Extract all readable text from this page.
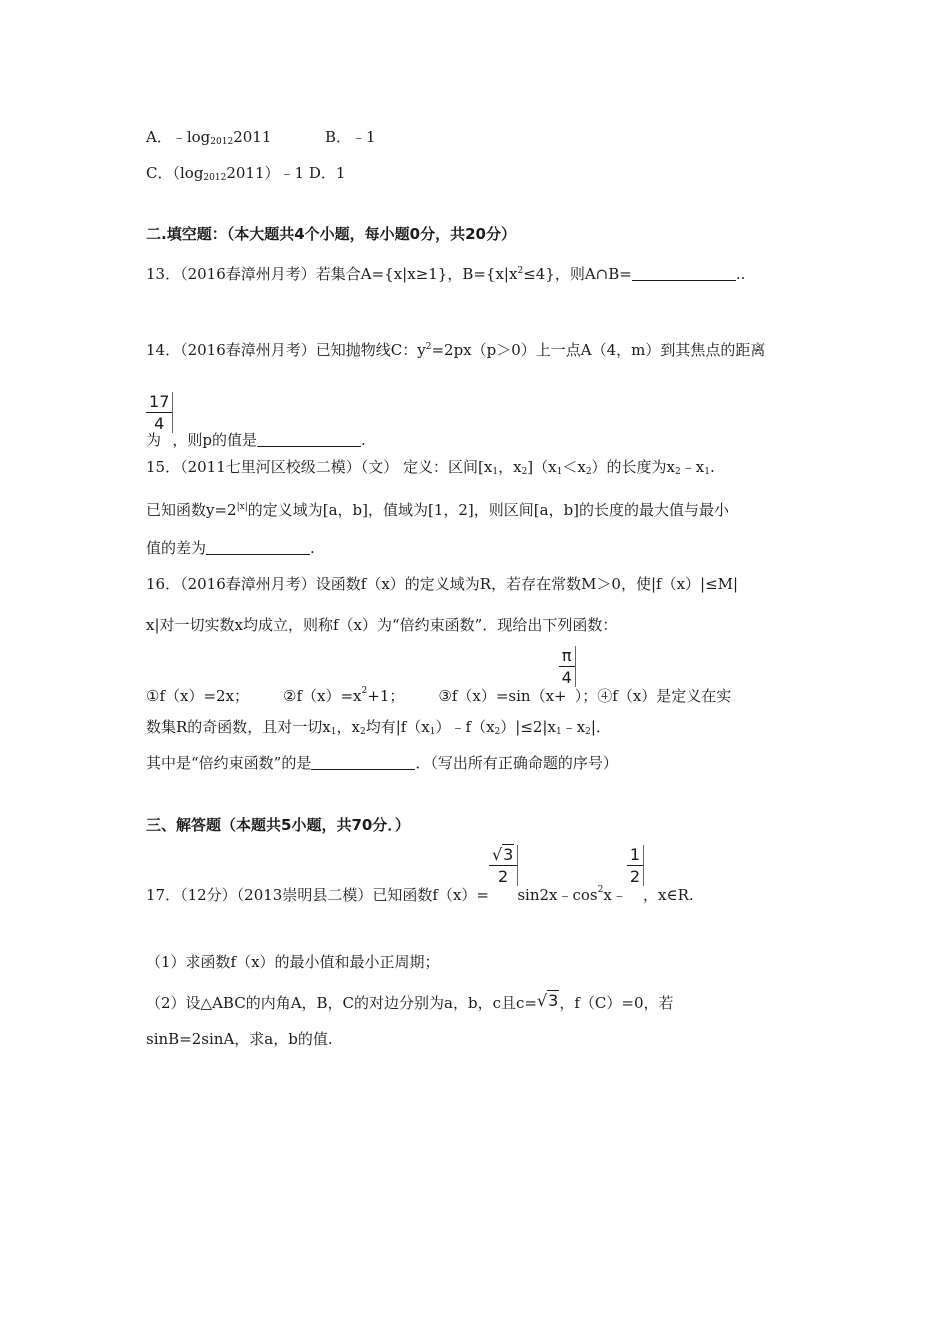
A．$﹣\log_{2012}2011$	B．﹣1
C．$(\log_{2012}2011)﹣1$ D．1
二.填空题：（本大题共4个小题，每小题0分，共20分）
13．（2016春漳州月考）若集合A={x|x≥1}，$B=\{x|x^2\le 4\}$，则A∩B=	..
14．（2016春漳州月考）已知抛物线C：$y^2=2px(p>0)$上一点A（4，m）到其焦点的距离
为
$\frac{17}{4}$
，则p的值是	.
15．（2011七里河区校级二模）（文） 定义：区间[$x_1$，$x_2](x_1<x_2)$的长度为$x_2﹣x_1$.
已知函数$y=2^{|x|}$的定义域为[a，b]，值域为[1，2]，则区间[a，b]的长度的最大值与最小
值的差为	.
16．（2016春漳州月考）设函数f（x）的定义域为R，若存在常数M＞0，使|f（x）|≤M|
x|对一切实数x均成立，则称f（x）为“倍约束函数”．现给出下列函数：
①f（x）=2x； $②f(x)=x^2+1$； ③f（x）=sin（x+
$\frac{\pi}{4}$
）；④f（x）是定义在实
数集R的奇函数，且对一切$x_1$，$x_2$均有$|f(x_1)﹣f(x_2)|\le 2|x_1﹣x_2|$．
其中是“倍约束函数”的是	．（写出所有正确命题的序号）
三、解答题（本题共5小题，共70分．）
17．（12分）（2013崇明县二模）已知函数f（x）=
$\frac{√3}{2}$
$\sin 2x﹣\cos^2x﹣$
$\frac{1}{2}$
，x∈R.
（1）求函数f（x）的最小值和最小正周期；
（2）设△ABC的内角A，B，C的对边分别为a，b，c且c=√3，f（C）=0，若
sinB=2sinA，求a，b的值.
